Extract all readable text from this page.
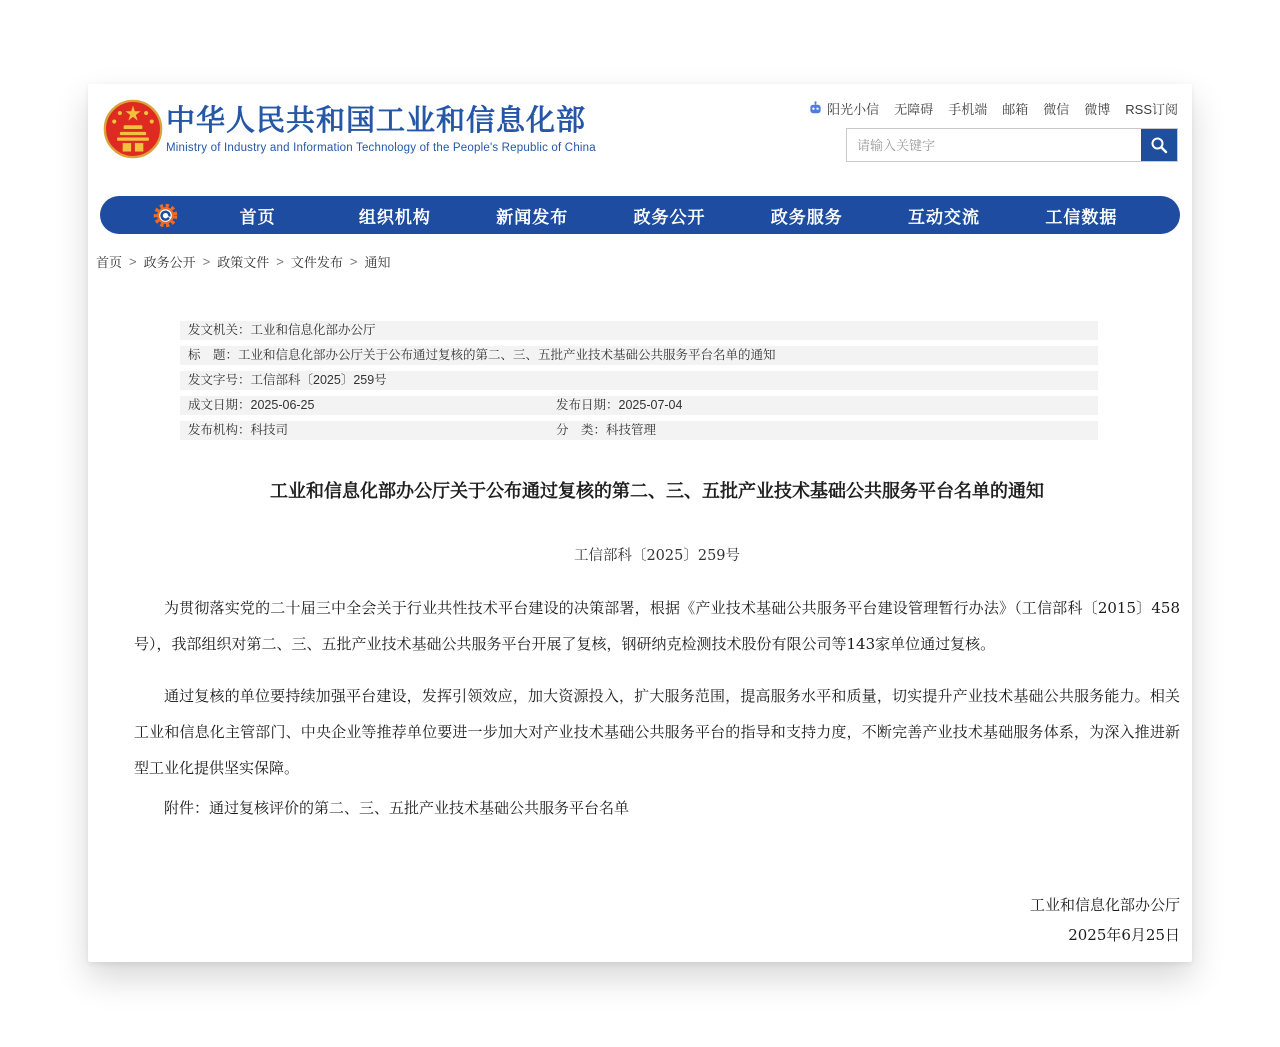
中华人民共和国工业和信息化部
Ministry of Industry and Information Technology of the People's Republic of China
阳光小信 无障碍 手机端 邮箱 微信 微博 RSS订阅
请输入关键字
首页	组织机构	新闻发布	政务公开	政务服务	互动交流	工信数据
首页 > 政务公开 > 政策文件 > 文件发布 > 通知
发文机关：工业和信息化部办公厅
标　题：工业和信息化部办公厅关于公布通过复核的第二、三、五批产业技术基础公共服务平台名单的通知
发文字号：工信部科〔2025〕259号
成文日期：2025-06-25	发布日期：2025-07-04
发布机构：科技司	分　类：科技管理
工业和信息化部办公厅关于公布通过复核的第二、三、五批产业技术基础公共服务平台名单的通知
工信部科〔2025〕259号

为贯彻落实党的二十届三中全会关于行业共性技术平台建设的决策部署，根据《产业技术基础公共服务平台建设管理暂行办法》（工信部科〔2015〕458号），我部组织对第二、三、五批产业技术基础公共服务平台开展了复核，钢研纳克检测技术股份有限公司等143家单位通过复核。

通过复核的单位要持续加强平台建设，发挥引领效应，加大资源投入，扩大服务范围，提高服务水平和质量，切实提升产业技术基础公共服务能力。相关工业和信息化主管部门、中央企业等推荐单位要进一步加大对产业技术基础公共服务平台的指导和支持力度，不断完善产业技术基础服务体系，为深入推进新型工业化提供坚实保障。

附件：通过复核评价的第二、三、五批产业技术基础公共服务平台名单
工业和信息化部办公厅
2025年6月25日
